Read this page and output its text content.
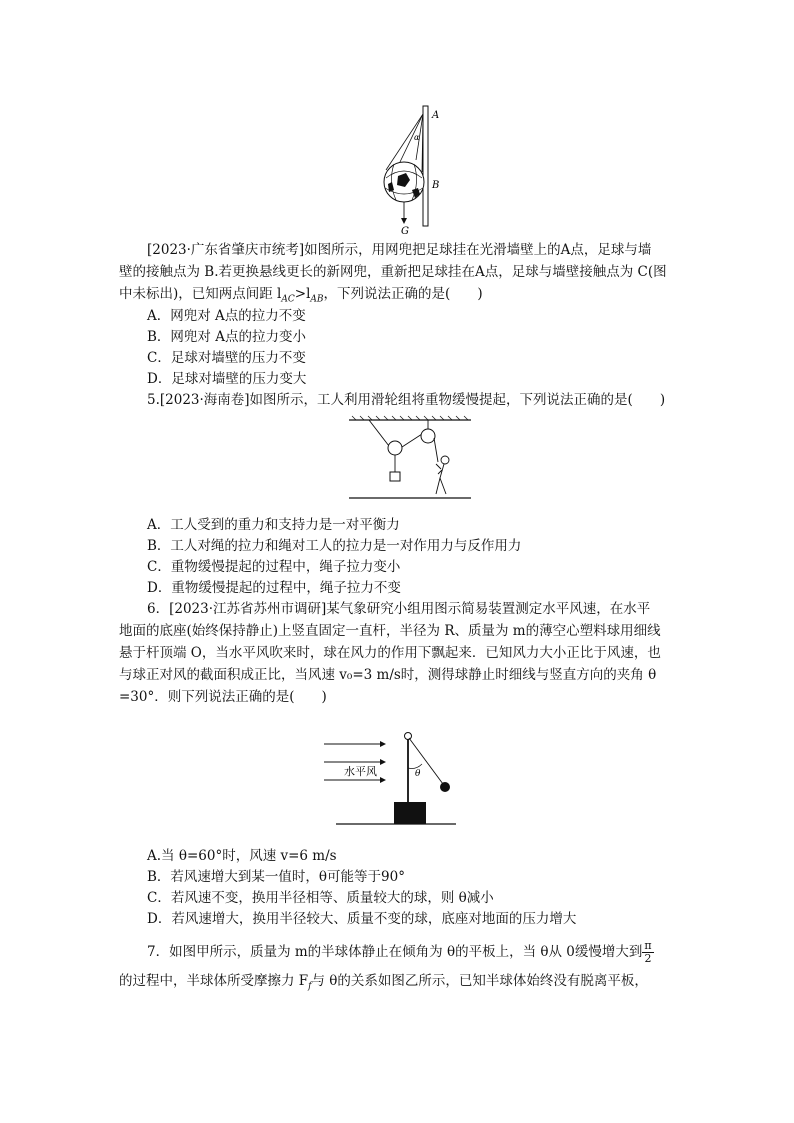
α
A
B
G
[2023·广东省肇庆市统考]如图所示，用网兜把足球挂在光滑墙壁上的A点，足球与墙
壁的接触点为 B.若更换悬线更长的新网兜，重新把足球挂在A点，足球与墙壁接触点为 C(图
中未标出)，已知两点间距 $l_{AC}>l_{AB}$，下列说法正确的是(　　)
A．网兜对 A点的拉力不变
B．网兜对 A点的拉力变小
C．足球对墙壁的压力不变
D．足球对墙壁的压力变大
5.[2023·海南卷]如图所示，工人利用滑轮组将重物缓慢提起，下列说法正确的是(　　)
A．工人受到的重力和支持力是一对平衡力
B．工人对绳的拉力和绳对工人的拉力是一对作用力与反作用力
C．重物缓慢提起的过程中，绳子拉力变小
D．重物缓慢提起的过程中，绳子拉力不变
6．[2023·江苏省苏州市调研]某气象研究小组用图示简易装置测定水平风速，在水平
地面的底座(始终保持静止)上竖直固定一直杆，半径为 R、质量为 m的薄空心塑料球用细线
悬于杆顶端 O，当水平风吹来时，球在风力的作用下飘起来．已知风力大小正比于风速，也
与球正对风的截面积成正比，当风速 v₀=3 m/s时，测得球静止时细线与竖直方向的夹角 θ
=30°．则下列说法正确的是(　　)
θ
水平风
A.当 θ=60°时，风速 v=6 m/s
B．若风速增大到某一值时，θ可能等于90°
C．若风速不变，换用半径相等、质量较大的球，则 θ减小
D．若风速增大，换用半径较大、质量不变的球，底座对地面的压力增大
7．如图甲所示，质量为 m的半球体静止在倾角为 θ的平板上，当 θ从 0缓慢增大到 $\frac{\pi}{2}$
的过程中，半球体所受摩擦力 $F_f$与 θ的关系如图乙所示，已知半球体始终没有脱离平板，
